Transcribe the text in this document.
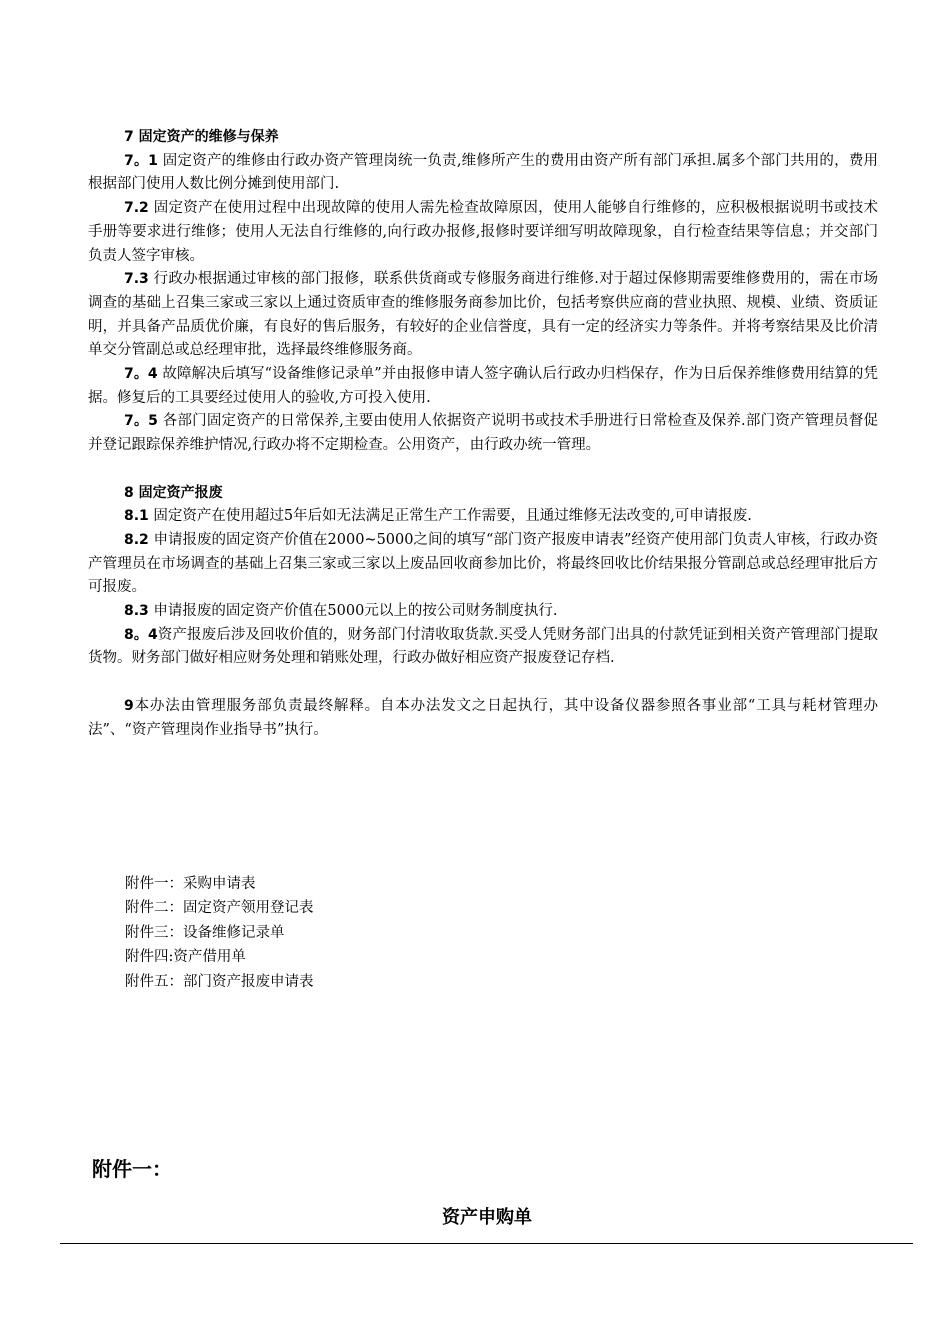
7 固定资产的维修与保养

7。1 固定资产的维修由行政办资产管理岗统一负责,维修所产生的费用由资产所有部门承担.属多个部门共用的，费用根据部门使用人数比例分摊到使用部门.

7.2 固定资产在使用过程中出现故障的使用人需先检查故障原因，使用人能够自行维修的，应积极根据说明书或技术手册等要求进行维修；使用人无法自行维修的,向行政办报修,报修时要详细写明故障现象，自行检查结果等信息；并交部门负责人签字审核。

7.3 行政办根据通过审核的部门报修，联系供货商或专修服务商进行维修.对于超过保修期需要维修费用的，需在市场调查的基础上召集三家或三家以上通过资质审查的维修服务商参加比价，包括考察供应商的营业执照、规模、业绩、资质证明，并具备产品质优价廉，有良好的售后服务，有较好的企业信誉度，具有一定的经济实力等条件。并将考察结果及比价清单交分管副总或总经理审批，选择最终维修服务商。

7。4 故障解决后填写“设备维修记录单”并由报修申请人签字确认后行政办归档保存，作为日后保养维修费用结算的凭据。修复后的工具要经过使用人的验收,方可投入使用.

7。5 各部门固定资产的日常保养,主要由使用人依据资产说明书或技术手册进行日常检查及保养.部门资产管理员督促并登记跟踪保养维护情况,行政办将不定期检查。公用资产，由行政办统一管理。

8 固定资产报废

8.1 固定资产在使用超过5年后如无法满足正常生产工作需要，且通过维修无法改变的,可申请报废.

8.2 申请报废的固定资产价值在2000~5000之间的填写“部门资产报废申请表”经资产使用部门负责人审核，行政办资产管理员在市场调查的基础上召集三家或三家以上废品回收商参加比价，将最终回收比价结果报分管副总或总经理审批后方可报废。

8.3 申请报废的固定资产价值在5000元以上的按公司财务制度执行.

8。4资产报废后涉及回收价值的，财务部门付清收取货款.买受人凭财务部门出具的付款凭证到相关资产管理部门提取货物。财务部门做好相应财务处理和销账处理，行政办做好相应资产报废登记存档.

9本办法由管理服务部负责最终解释。自本办法发文之日起执行，其中设备仪器参照各事业部“工具与耗材管理办法”、“资产管理岗作业指导书”执行。

附件一：采购申请表
附件二：固定资产领用登记表
附件三：设备维修记录单
附件四:资产借用单
附件五：部门资产报废申请表
附件一：
资产申购单
